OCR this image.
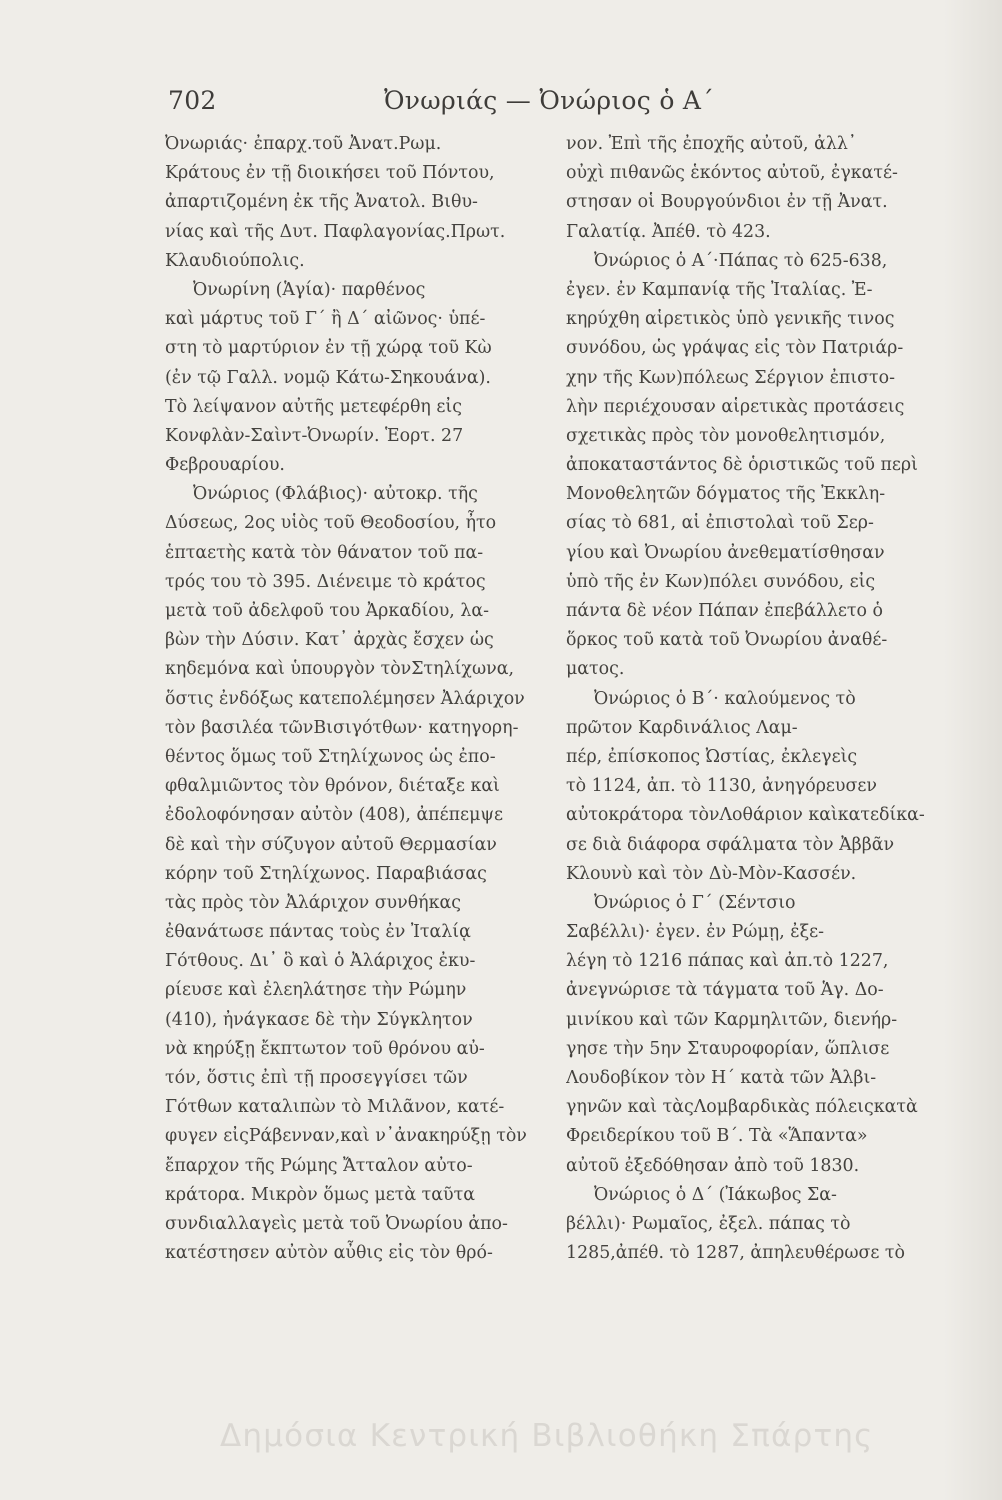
702	Ὀνωριάς — Ὀνώριος ὁ Α΄
Ὀνωριάς· ἐπαρχ.τοῦ Ἀνατ.Ρωμ.
Κράτους ἐν τῇ διοικήσει τοῦ Πόντου,
ἀπαρτιζομένη ἐκ τῆς Ἀνατολ. Βιθυ-
νίας καὶ τῆς Δυτ. Παφλαγονίας.Πρωτ.
Κλαυδιούπολις.
Ὀνωρίνη (Ἁγία)· παρθένος
καὶ μάρτυς τοῦ Γ΄ ἢ Δ΄ αἰῶνος· ὑπέ-
στη τὸ μαρτύριον ἐν τῇ χώρᾳ τοῦ Κὼ
(ἐν τῷ Γαλλ. νομῷ Κάτω-Σηκουάνα).
Τὸ λείψανον αὐτῆς μετεφέρθη εἰς
Κονφλὰν-Σαὶντ-Ὀνωρίν. Ἑορτ. 27
Φεβρουαρίου.
Ὀνώριος (Φλάβιος)· αὐτοκρ. τῆς
Δύσεως, 2ος υἱὸς τοῦ Θεοδοσίου, ἦτο
ἑπταετὴς κατὰ τὸν θάνατον τοῦ πα-
τρός του τὸ 395. Διένειμε τὸ κράτος
μετὰ τοῦ ἀδελφοῦ του Ἀρκαδίου, λα-
βὼν τὴν Δύσιν. Κατ᾽ ἀρχὰς ἔσχεν ὡς
κηδεμόνα καὶ ὑπουργὸν τὸνΣτηλίχωνα,
ὅστις ἐνδόξως κατεπολέμησεν Ἀλάριχον
τὸν βασιλέα τῶνΒισιγότθων· κατηγορη-
θέντος ὅμως τοῦ Στηλίχωνος ὡς ἐπο-
φθαλμιῶντος τὸν θρόνον, διέταξε καὶ
ἐδολοφόνησαν αὐτὸν (408), ἀπέπεμψε
δὲ καὶ τὴν σύζυγον αὐτοῦ Θερμασίαν
κόρην τοῦ Στηλίχωνος. Παραβιάσας
τὰς πρὸς τὸν Ἀλάριχον συνθήκας
ἐθανάτωσε πάντας τοὺς ἐν Ἰταλίᾳ
Γότθους. Δι᾽ ὃ καὶ ὁ Ἀλάριχος ἐκυ-
ρίευσε καὶ ἐλεηλάτησε τὴν Ρώμην
(410), ἠνάγκασε δὲ τὴν Σύγκλητον
νὰ κηρύξῃ ἔκπτωτον τοῦ θρόνου αὐ-
τόν, ὅστις ἐπὶ τῇ προσεγγίσει τῶν
Γότθων καταλιπὼν τὸ Μιλᾶνον, κατέ-
φυγεν εἰςΡάβενναν,καὶ ν᾽ἀνακηρύξῃ τὸν
ἔπαρχον τῆς Ρώμης Ἄτταλον αὐτο-
κράτορα. Μικρὸν ὅμως μετὰ ταῦτα
συνδιαλλαγεὶς μετὰ τοῦ Ὀνωρίου ἀπο-
κατέστησεν αὐτὸν αὖθις εἰς τὸν θρό-
νον. Ἐπὶ τῆς ἐποχῆς αὐτοῦ, ἀλλ᾽
οὐχὶ πιθανῶς ἑκόντος αὐτοῦ, ἐγκατέ-
στησαν οἱ Βουργούνδιοι ἐν τῇ Ἀνατ.
Γαλατίᾳ. Ἀπέθ. τὸ 423.
Ὀνώριος ὁ Α΄·Πάπας τὸ 625-638,
ἐγεν. ἐν Καμπανίᾳ τῆς Ἰταλίας. Ἐ-
κηρύχθη αἱρετικὸς ὑπὸ γενικῆς τινος
συνόδου, ὡς γράψας εἰς τὸν Πατριάρ-
χην τῆς Κων)πόλεως Σέργιον ἐπιστο-
λὴν περιέχουσαν αἱρετικὰς προτάσεις
σχετικὰς πρὸς τὸν μονοθελητισμόν,
ἀποκαταστάντος δὲ ὁριστικῶς τοῦ περὶ
Μονοθελητῶν δόγματος τῆς Ἐκκλη-
σίας τὸ 681, αἱ ἐπιστολαὶ τοῦ Σερ-
γίου καὶ Ὀνωρίου ἀνεθεματίσθησαν
ὑπὸ τῆς ἐν Κων)πόλει συνόδου, εἰς
πάντα δὲ νέον Πάπαν ἐπεβάλλετο ὁ
ὅρκος τοῦ κατὰ τοῦ Ὀνωρίου ἀναθέ-
ματος.
Ὀνώριος ὁ Β΄· καλούμενος τὸ
πρῶτον Καρδινάλιος Λαμ-
πέρ, ἐπίσκοπος Ὠστίας, ἐκλεγεὶς
τὸ 1124, ἀπ. τὸ 1130, ἀνηγόρευσεν
αὐτοκράτορα τὸνΛοθάριον καὶκατεδίκα-
σε διὰ διάφορα σφάλματα τὸν Ἀββᾶν
Κλουνὺ καὶ τὸν Δὺ-Μὸν-Κασσέν.
Ὀνώριος ὁ Γ΄ (Σέντσιο
Σαβέλλι)· ἐγεν. ἐν Ρώμῃ, ἐξε-
λέγη τὸ 1216 πάπας καὶ ἀπ.τὸ 1227,
ἀνεγνώρισε τὰ τάγματα τοῦ Ἁγ. Δο-
μινίκου καὶ τῶν Καρμηλιτῶν, διενήρ-
γησε τὴν 5ην Σταυροφορίαν, ὥπλισε
Λουδοβίκον τὸν Η΄ κατὰ τῶν Ἀλβι-
γηνῶν καὶ τὰςΛομβαρδικὰς πόλειςκατὰ
Φρειδερίκου τοῦ Β΄. Τὰ «Ἅπαντα»
αὐτοῦ ἐξεδόθησαν ἀπὸ τοῦ 1830.
Ὀνώριος ὁ Δ΄ (Ἰάκωβος Σα-
βέλλι)· Ρωμαῖος, ἐξελ. πάπας τὸ
1285,ἀπέθ. τὸ 1287, ἀπηλευθέρωσε τὸ
Δημόσια Κεντρική Βιβλιοθήκη Σπάρτης
